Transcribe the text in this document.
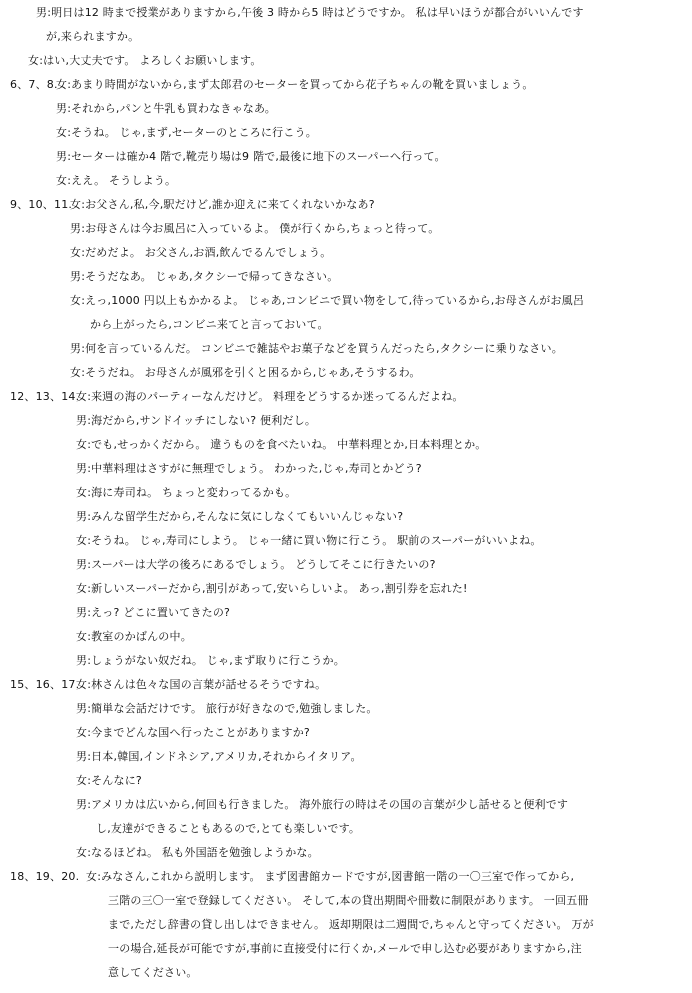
男:明日は12 時まで授業がありますから,午後 3 時から5 時はどうですか。 私は早いほうが都合がいいんです
が,来られますか。
女:はい,大丈夫です。 よろしくお願いします。
6、7、8.
女:あまり時間がないから,まず太郎君のセーターを買ってから花子ちゃんの靴を買いましょう。
男:それから,パンと牛乳も買わなきゃなあ。
女:そうね。 じゃ,まず,セーターのところに行こう。
男:セーターは確か4 階で,靴売り場は9 階で,最後に地下のスーパーへ行って。
女:ええ。 そうしよう。
9、10、11.
女:お父さん,私,今,駅だけど,誰か迎えに来てくれないかなあ?
男:お母さんは今お風呂に入っているよ。 僕が行くから,ちょっと待って。
女:だめだよ。 お父さん,お酒,飲んでるんでしょう。
男:そうだなあ。 じゃあ,タクシーで帰ってきなさい。
女:えっ,1000 円以上もかかるよ。 じゃあ,コンビニで買い物をして,待っているから,お母さんがお風呂
から上がったら,コンビニ来てと言っておいて。
男:何を言っているんだ。 コンビニで雑誌やお菓子などを買うんだったら,タクシーに乗りなさい。
女:そうだね。 お母さんが風邪を引くと困るから,じゃあ,そうするわ。
12、13、14.
女:来週の海のパーティーなんだけど。 料理をどうするか迷ってるんだよね。
男:海だから,サンドイッチにしない? 便利だし。
女:でも,せっかくだから。 違うものを食べたいね。 中華料理とか,日本料理とか。
男:中華料理はさすがに無理でしょう。 わかった,じゃ,寿司とかどう?
女:海に寿司ね。 ちょっと変わってるかも。
男:みんな留学生だから,そんなに気にしなくてもいいんじゃない?
女:そうね。 じゃ,寿司にしよう。 じゃ一緒に買い物に行こう。 駅前のスーパーがいいよね。
男:スーパーは大学の後ろにあるでしょう。 どうしてそこに行きたいの?
女:新しいスーパーだから,割引があって,安いらしいよ。 あっ,割引券を忘れた!
男:えっ? どこに置いてきたの?
女:教室のかばんの中。
男:しょうがない奴だね。 じゃ,まず取りに行こうか。
15、16、17.
女:林さんは色々な国の言葉が話せるそうですね。
男:簡単な会話だけです。 旅行が好きなので,勉強しました。
女:今までどんな国へ行ったことがありますか?
男:日本,韓国,インドネシア,アメリカ,それからイタリア。
女:そんなに?
男:アメリカは広いから,何回も行きました。 海外旅行の時はその国の言葉が少し話せると便利です
し,友達ができることもあるので,とても楽しいです。
女:なるほどね。 私も外国語を勉強しようかな。
18、19、20. 女:みなさん,これから説明します。 まず図書館カードですが,図書館一階の一〇三室で作ってから,
三階の三〇一室で登録してください。 そして,本の貸出期間や冊数に制限があります。 一回五冊
まで,ただし辞書の貸し出しはできません。 返却期限は二週間で,ちゃんと守ってください。 万が
一の場合,延長が可能ですが,事前に直接受付に行くか,メールで申し込む必要がありますから,注
意してください。
